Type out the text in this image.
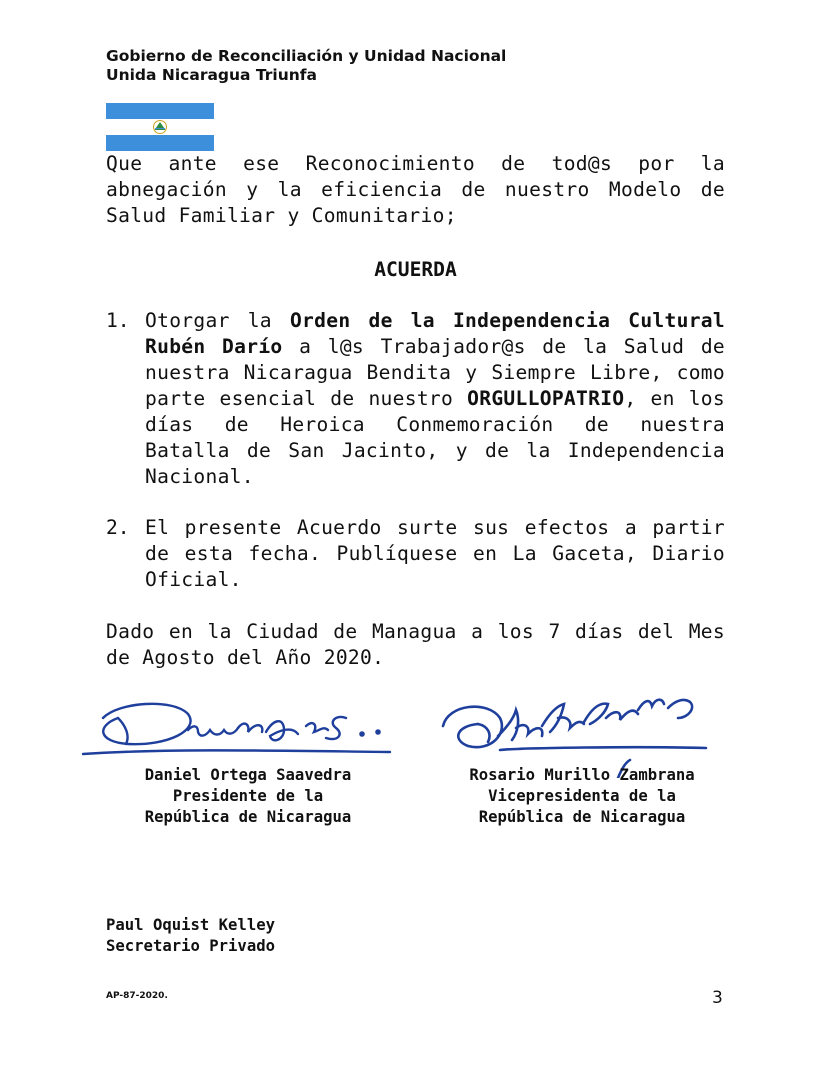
Gobierno de Reconciliación y Unidad Nacional
Unida Nicaragua Triunfa
Que ante ese Reconocimiento de tod@s por la abnegación y la eficiencia de nuestro Modelo de Salud Familiar y Comunitario;
ACUERDA
1. Otorgar la Orden de la Independencia Cultural Rubén Darío a l@s Trabajador@s de la Salud de nuestra Nicaragua Bendita y Siempre Libre, como parte esencial de nuestro ORGULLOPATRIO, en los días de Heroica Conmemoración de nuestra Batalla de San Jacinto, y de la Independencia Nacional.
2. El presente Acuerdo surte sus efectos a partir de esta fecha. Publíquese en La Gaceta, Diario Oficial.
Dado en la Ciudad de Managua a los 7 días del Mes de Agosto del Año 2020.
Daniel Ortega Saavedra
Presidente de la
República de Nicaragua
Rosario Murillo Zambrana
Vicepresidenta de la
República de Nicaragua
Paul Oquist Kelley
Secretario Privado
AP-87-2020.	3
